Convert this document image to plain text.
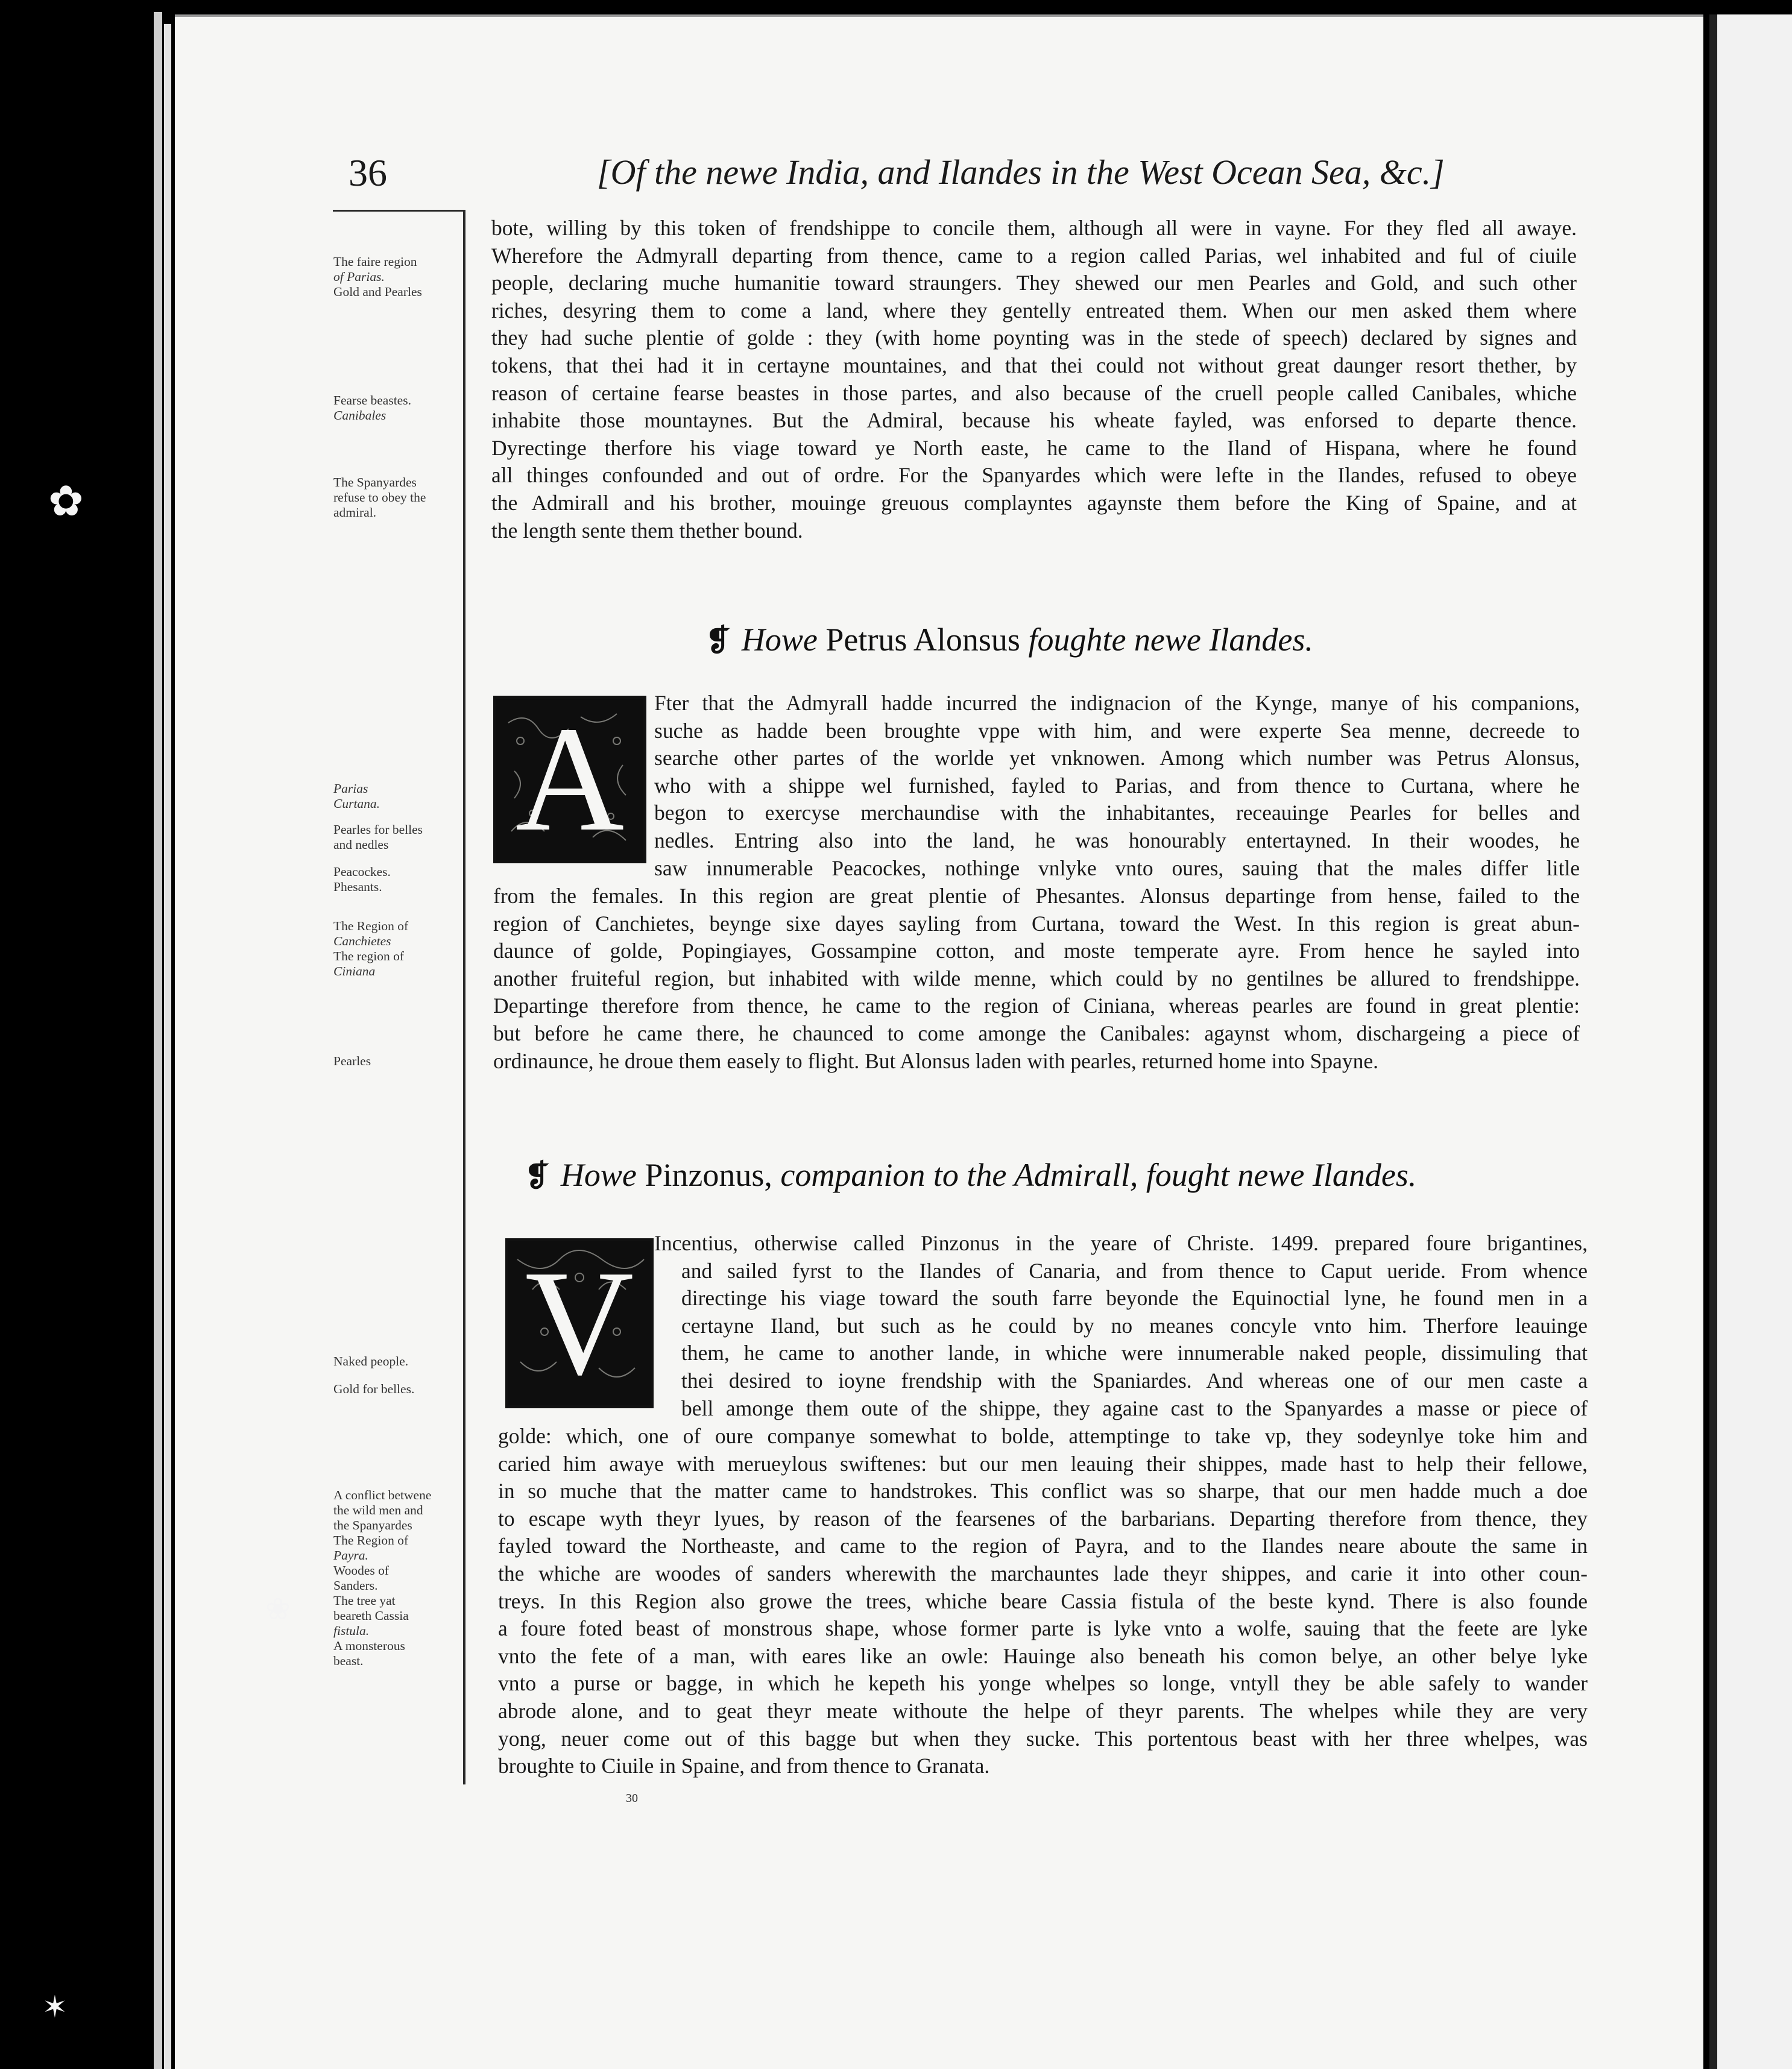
36	[Of the newe India, and Ilandes in the West Ocean Sea, &c.]
The faire region
of Parias.
Gold and Pearles
Fearse beastes.
Canibales
The Spanyardes
refuse to obey the
admiral.
Parias
Curtana.
Pearles for belles
and nedles
Peacockes.
Phesants.
The Region of
Canchietes
The region of
Ciniana
Pearles
Naked people.
Gold for belles.
A conflict betwene
the wild men and
the Spanyardes
The Region of
Payra.
Woodes of
Sanders.
The tree yat
beareth Cassia
fistula.
A monsterous
beast.
bote, willing by this token of frendshippe to concile them, although all were in vayne. For they fled all awaye.
Wherefore the Admyrall departing from thence, came to a region called Parias, wel inhabited and ful of ciuile
people, declaring muche humanitie toward straungers. They shewed our men Pearles and Gold, and such other
riches, desyring them to come a land, where they gentelly entreated them. When our men asked them where
they had suche plentie of golde : they (with home poynting was in the stede of speech) declared by signes and
tokens, that thei had it in certayne mountaines, and that thei could not without great daunger resort thether, by
reason of certaine fearse beastes in those partes, and also because of the cruell people called Canibales, whiche
inhabite those mountaynes. But the Admiral, because his wheate fayled, was enforsed to departe thence.
Dyrectinge therfore his viage toward ye North easte, he came to the Iland of Hispana, where he found
all thinges confounded and out of ordre. For the Spanyardes which were lefte in the Ilandes, refused to obeye
the Admirall and his brother, mouinge greuous complayntes agaynste them before the King of Spaine, and at
the length sente them thether bound.
❡ Howe Petrus Alonsus foughte newe Ilandes.
A	Fter that the Admyrall hadde incurred the indignacion of the Kynge, manye of his companions,
suche as hadde been broughte vppe with him, and were experte Sea menne, decreede to
searche other partes of the worlde yet vnknowen. Among which number was Petrus Alonsus,
who with a shippe wel furnished, fayled to Parias, and from thence to Curtana, where he
begon to exercyse merchaundise with the inhabitantes, receauinge Pearles for belles and
nedles. Entring also into the land, he was honourably entertayned. In their woodes, he
saw innumerable Peacockes, nothinge vnlyke vnto oures, sauing that the males differ litle
from the females. In this region are great plentie of Phesantes. Alonsus departinge from hense, failed to the
region of Canchietes, beynge sixe dayes sayling from Curtana, toward the West. In this region is great abun-
daunce of golde, Popingiayes, Gossampine cotton, and moste temperate ayre. From hence he sayled into
another fruiteful region, but inhabited with wilde menne, which could by no gentilnes be allured to frendshippe.
Departinge therefore from thence, he came to the region of Ciniana, whereas pearles are found in great plentie:
but before he came there, he chaunced to come amonge the Canibales: agaynst whom, dischargeing a piece of
ordinaunce, he droue them easely to flight. But Alonsus laden with pearles, returned home into Spayne.
❡ Howe Pinzonus, companion to the Admirall, fought newe Ilandes.
V Incentius, otherwise called Pinzonus in the yeare of Christe. 1499. prepared foure brigantines,
and sailed fyrst to the Ilandes of Canaria, and from thence to Caput ueride. From whence
directinge his viage toward the south farre beyonde the Equinoctial lyne, he found men in a
certayne Iland, but such as he could by no meanes concyle vnto him. Therfore leauinge
them, he came to another lande, in whiche were innumerable naked people, dissimuling that
thei desired to ioyne frendship with the Spaniardes. And whereas one of our men caste a
bell amonge them oute of the shippe, they againe cast to the Spanyardes a masse or piece of
golde: which, one of oure companye somewhat to bolde, attemptinge to take vp, they sodeynlye toke him and
caried him awaye with merueylous swiftenes: but our men leauing their shippes, made hast to help their fellowe,
in so muche that the matter came to handstrokes. This conflict was so sharpe, that our men hadde much a doe
to escape wyth theyr lyues, by reason of the fearsenes of the barbarians. Departing therefore from thence, they
fayled toward the Northeaste, and came to the region of Payra, and to the Ilandes neare aboute the same in
the whiche are woodes of sanders wherewith the marchauntes lade theyr shippes, and carie it into other coun-
treys. In this Region also growe the trees, whiche beare Cassia fistula of the beste kynd. There is also founde
a foure foted beast of monstrous shape, whose former parte is lyke vnto a wolfe, sauing that the feete are lyke
vnto the fete of a man, with eares like an owle: Hauinge also beneath his comon belye, an other belye lyke
vnto a purse or bagge, in which he kepeth his yonge whelpes so longe, vntyll they be able safely to wander
abrode alone, and to geat theyr meate withoute the helpe of theyr parents. The whelpes while they are very
yong, neuer come out of this bagge but when they sucke. This portentous beast with her three whelpes, was
broughte to Ciuile in Spaine, and from thence to Granata.
30
✿
❀
✶
